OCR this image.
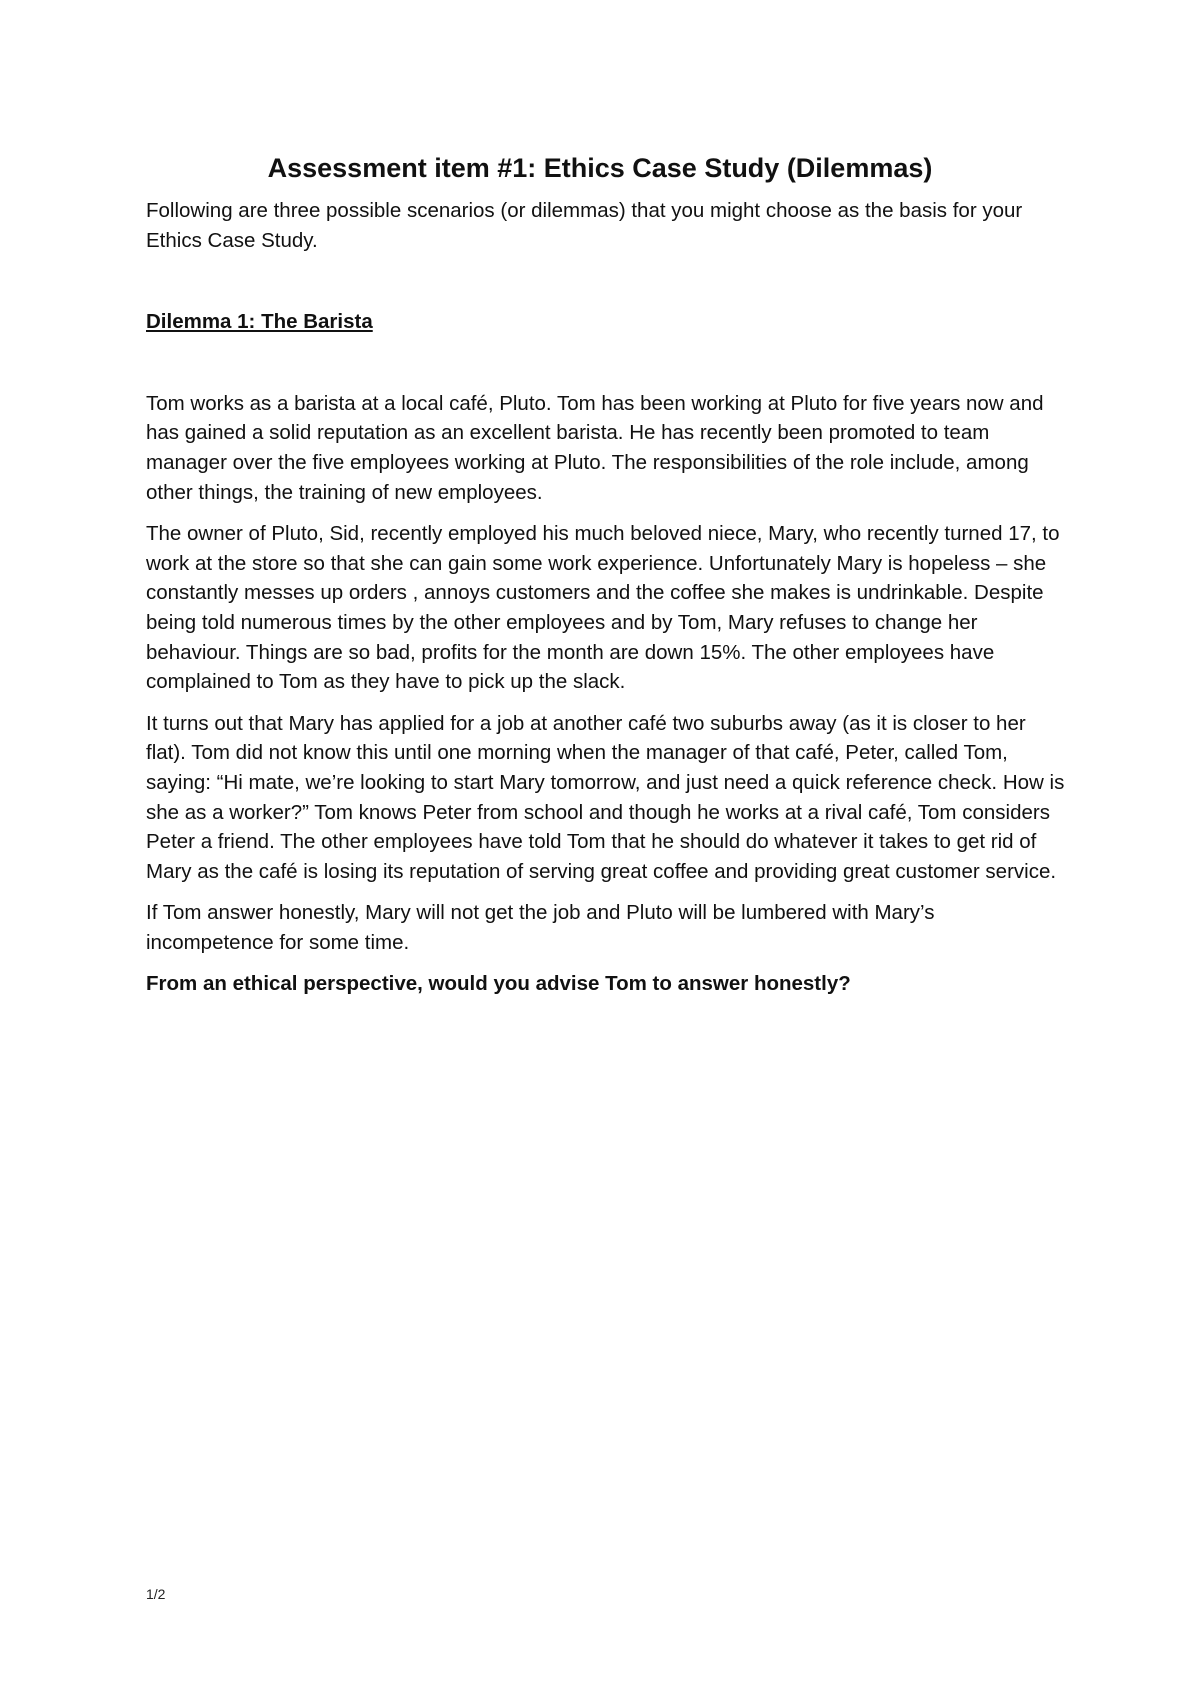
Assessment item #1: Ethics Case Study (Dilemmas)

Following are three possible scenarios (or dilemmas) that you might choose as the basis for your Ethics Case Study.

Dilemma 1: The Barista

Tom works as a barista at a local café, Pluto. Tom has been working at Pluto for five years now and has gained a solid reputation as an excellent barista. He has recently been promoted to team manager over the five employees working at Pluto. The responsibilities of the role include, among other things, the training of new employees.

The owner of Pluto, Sid, recently employed his much beloved niece, Mary, who recently turned 17, to work at the store so that she can gain some work experience. Unfortunately Mary is hopeless – she constantly messes up orders , annoys customers and the coffee she makes is undrinkable. Despite being told numerous times by the other employees and by Tom, Mary refuses to change her behaviour. Things are so bad, profits for the month are down 15%. The other employees have complained to Tom as they have to pick up the slack.

It turns out that Mary has applied for a job at another café two suburbs away (as it is closer to her flat). Tom did not know this until one morning when the manager of that café, Peter, called Tom, saying: “Hi mate, we’re looking to start Mary tomorrow, and just need a quick reference check. How is she as a worker?” Tom knows Peter from school and though he works at a rival café, Tom considers Peter a friend. The other employees have told Tom that he should do whatever it takes to get rid of Mary as the café is losing its reputation of serving great coffee and providing great customer service.

If Tom answer honestly, Mary will not get the job and Pluto will be lumbered with Mary’s incompetence for some time.

From an ethical perspective, would you advise Tom to answer honestly?

1/2
